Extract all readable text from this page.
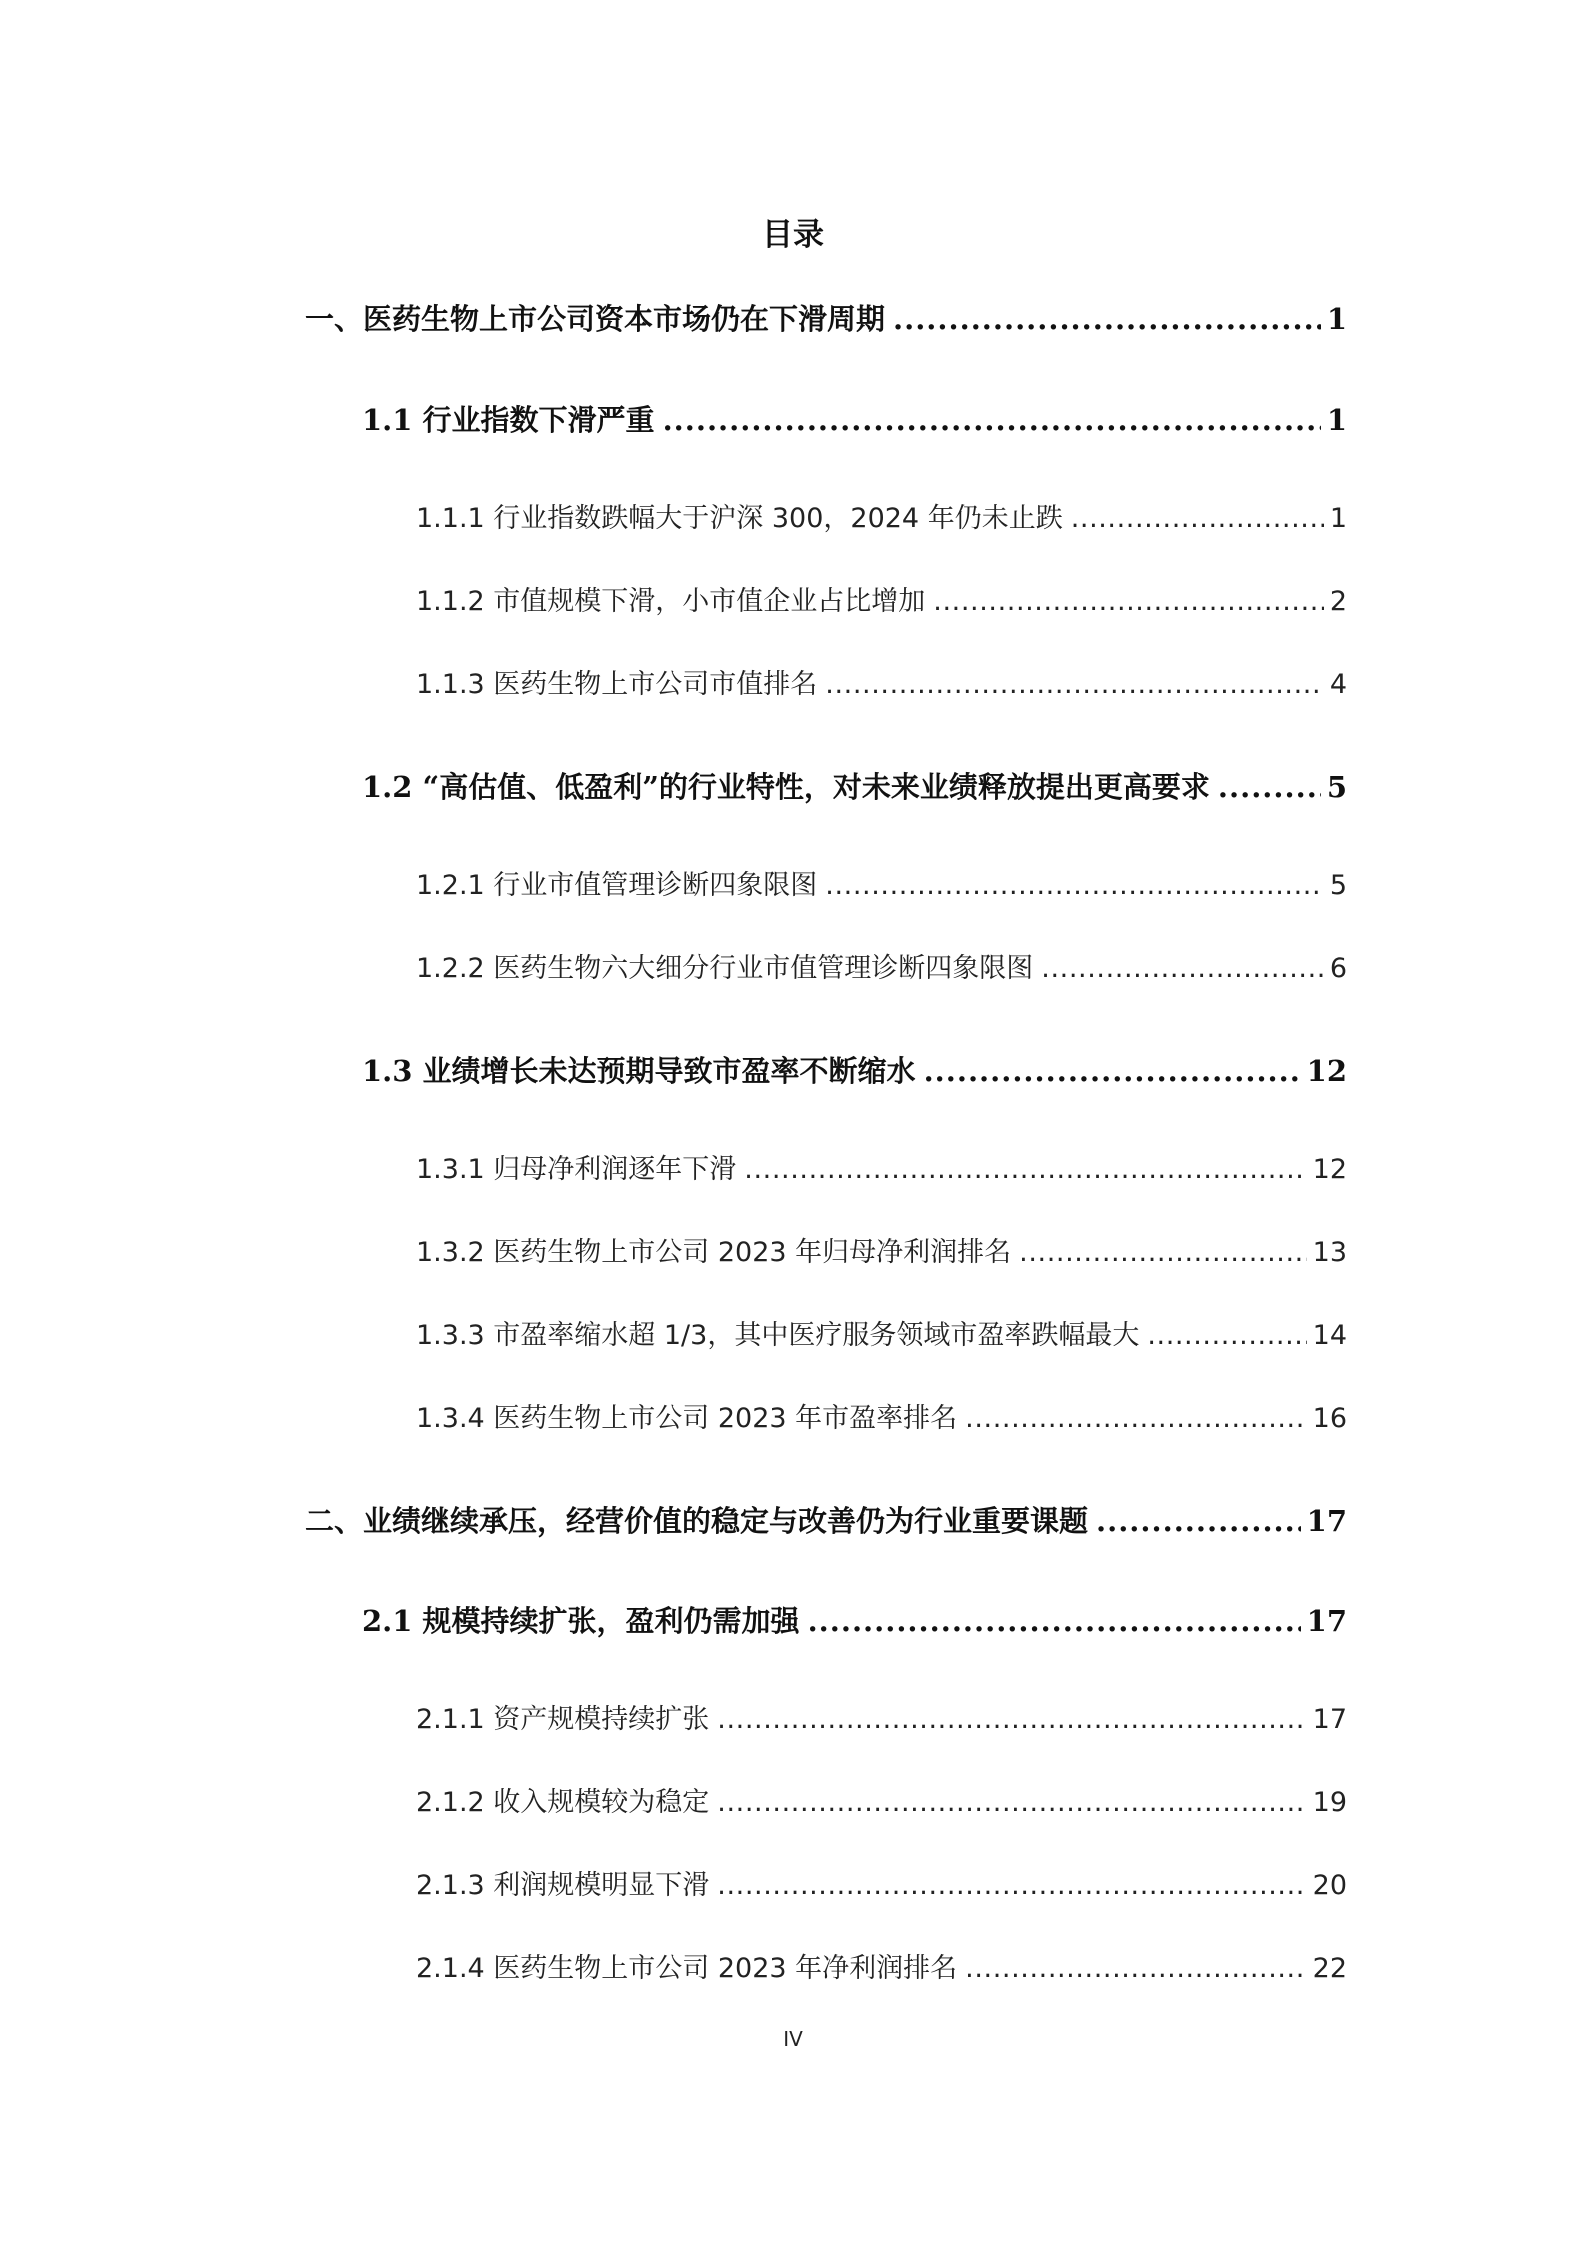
目录
一、医药生物上市公司资本市场仍在下滑周期 .....	1
1.1 行业指数下滑严重 .....	1
1.1.1 行业指数跌幅大于沪深 300，2024 年仍未止跌 .....	1
1.1.2 市值规模下滑，小市值企业占比增加 .....	2
1.1.3 医药生物上市公司市值排名 .....	4
1.2 “高估值、低盈利”的行业特性，对未来业绩释放提出更高要求 .....	5
1.2.1 行业市值管理诊断四象限图 .....	5
1.2.2 医药生物六大细分行业市值管理诊断四象限图 .....	6
1.3 业绩增长未达预期导致市盈率不断缩水 .....	12
1.3.1 归母净利润逐年下滑 .....	12
1.3.2 医药生物上市公司 2023 年归母净利润排名 .....	13
1.3.3 市盈率缩水超 1/3，其中医疗服务领域市盈率跌幅最大 .....	14
1.3.4 医药生物上市公司 2023 年市盈率排名 .....	16
二、业绩继续承压，经营价值的稳定与改善仍为行业重要课题 .....	17
2.1 规模持续扩张，盈利仍需加强 .....	17
2.1.1 资产规模持续扩张 .....	17
2.1.2 收入规模较为稳定 .....	19
2.1.3 利润规模明显下滑 .....	20
2.1.4 医药生物上市公司 2023 年净利润排名 .....	22
IV
